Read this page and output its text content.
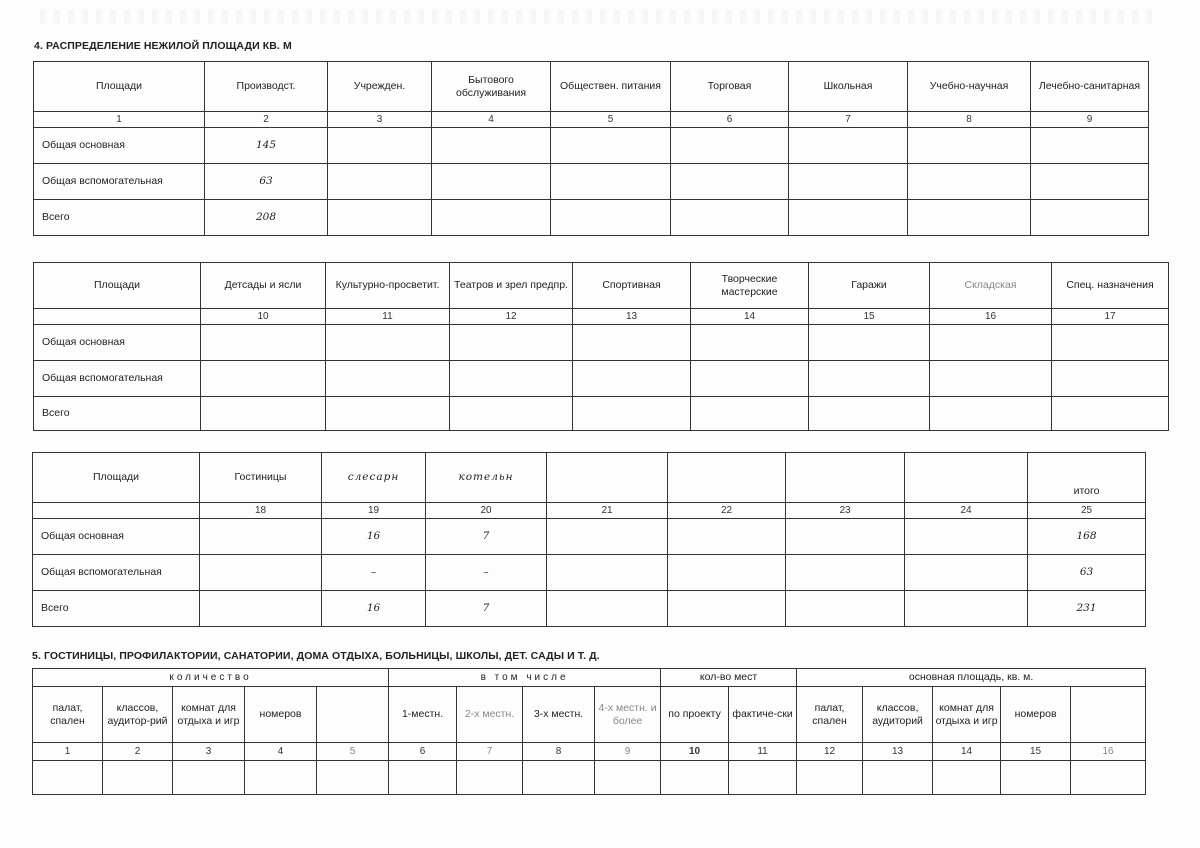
4. РАСПРЕДЕЛЕНИЕ НЕЖИЛОЙ ПЛОЩАДИ КВ. М
Площади	Производст.	Учрежден.	Бытового обслуживания	Обществен. питания	Торговая	Школьная	Учебно-научная	Лечебно-санитарная
1	2	3	4	5	6	7	8	9
Общая основная	145							
Общая вспомогательная	63							
Всего	208							
Площади	Детсады и ясли	Культурно-просветит.	Театров и зрел предпр.	Спортивная	Творческие мастерские	Гаражи	Складская	Спец. назначения
	10	11	12	13	14	15	16	17
Общая основная								
Общая вспомогательная								
Всего								
Площади	Гостиницы	слесарн	котельн					итого
	18	19	20	21	22	23	24	25
Общая основная		16	7					168
Общая вспомогательная		–	–					63
Всего		16	7					231
5. ГОСТИНИЦЫ, ПРОФИЛАКТОРИИ, САНАТОРИИ, ДОМА ОТДЫХА, БОЛЬНИЦЫ, ШКОЛЫ, ДЕТ. САДЫ И Т. Д.
количество					в том числе				кол-во мест		основная площадь, кв. м.				
палат, спален	классов, аудитор-рий	комнат для отдыха и игр	номеров		1-местн.	2-х местн.	3-х местн.	4-х местн. и более	по проекту	фактиче-ски	палат, спален	классов, аудиторий	комнат для отдыха и игр	номеров	
1	2	3	4	5	6	7	8	9	10	11	12	13	14	15	16
